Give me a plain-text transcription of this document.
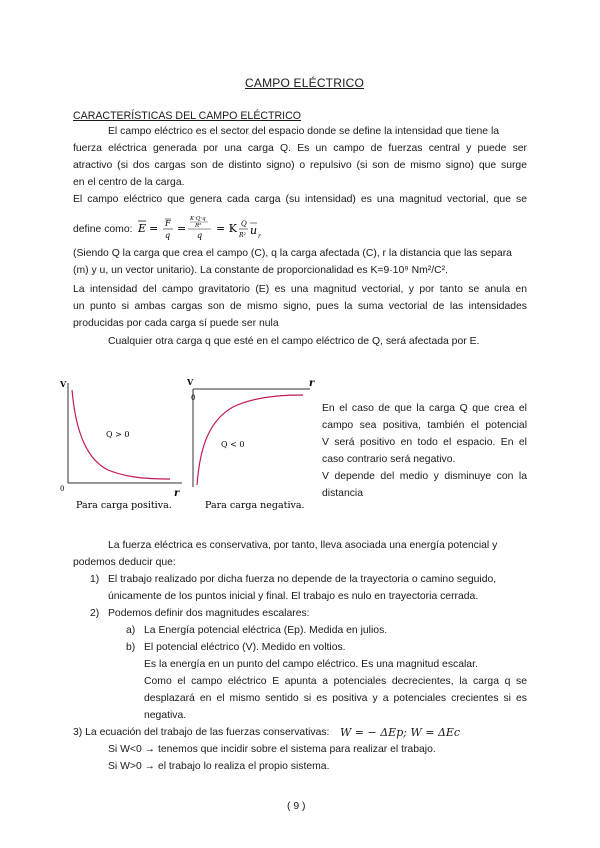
CAMPO ELÉCTRICO
CARACTERÍSTICAS DEL CAMPO ELÉCTRICO
El campo eléctrico es el sector del espacio donde se define la intensidad que tiene la
fuerza eléctrica generada por una carga Q. Es un campo de fuerzas central y puede ser
atractivo (si dos cargas son de distinto signo) o repulsivo (si son de mismo signo) que surge
en el centro de la carga.
El campo eléctrico que genera cada carga (su intensidad) es una magnitud vectorial, que se
define como: E = F
q
=
K·Q·q
R²
q
= K Q
R² u r
(Siendo Q la carga que crea el campo (C), q la carga afectada (C), r la distancia que las separa
(m) y u, un vector unitario). La constante de proporcionalidad es K=9·10⁹ Nm²/C².
La intensidad del campo gravitatorio (E) es una magnitud vectorial, y por tanto se anula en
un punto si ambas cargas son de mismo signo, pues la suma vectorial de las intensidades
producidas por cada carga sí puede ser nula
Cualquier otra carga q que esté en el campo eléctrico de Q, será afectada por E.
V
r
0
Q > 0
Para carga positiva.
V	r
0
Q < 0
Para carga negativa.
En el caso de que la carga Q que crea el
campo sea positiva, también el potencial
V será positivo en todo el espacio. En el
caso contrario será negativo.
V depende del medio y disminuye con la
distancia
La fuerza eléctrica es conservativa, por tanto, lleva asociada una energía potencial y
podemos deducir que:
1) El trabajo realizado por dicha fuerza no depende de la trayectoria o camino seguido,
únicamente de los puntos inicial y final. El trabajo es nulo en trayectoria cerrada.
2) Podemos definir dos magnitudes escalares:
a) La Energía potencial eléctrica (Ep). Medida en julios.
b) El potencial eléctrico (V). Medido en voltios.
Es la energía en un punto del campo eléctrico. Es una magnitud escalar.
Como el campo eléctrico E apunta a potenciales decrecientes, la carga q se
desplazará en el mismo sentido si es positiva y a potenciales crecientes si es
negativa.
3) La ecuación del trabajo de las fuerzas conservativas: W = − ΔEp; W = ΔEc
Si W<0 → tenemos que incidir sobre el sistema para realizar el trabajo.
Si W>0 → el trabajo lo realiza el propio sistema.
( 9 )
